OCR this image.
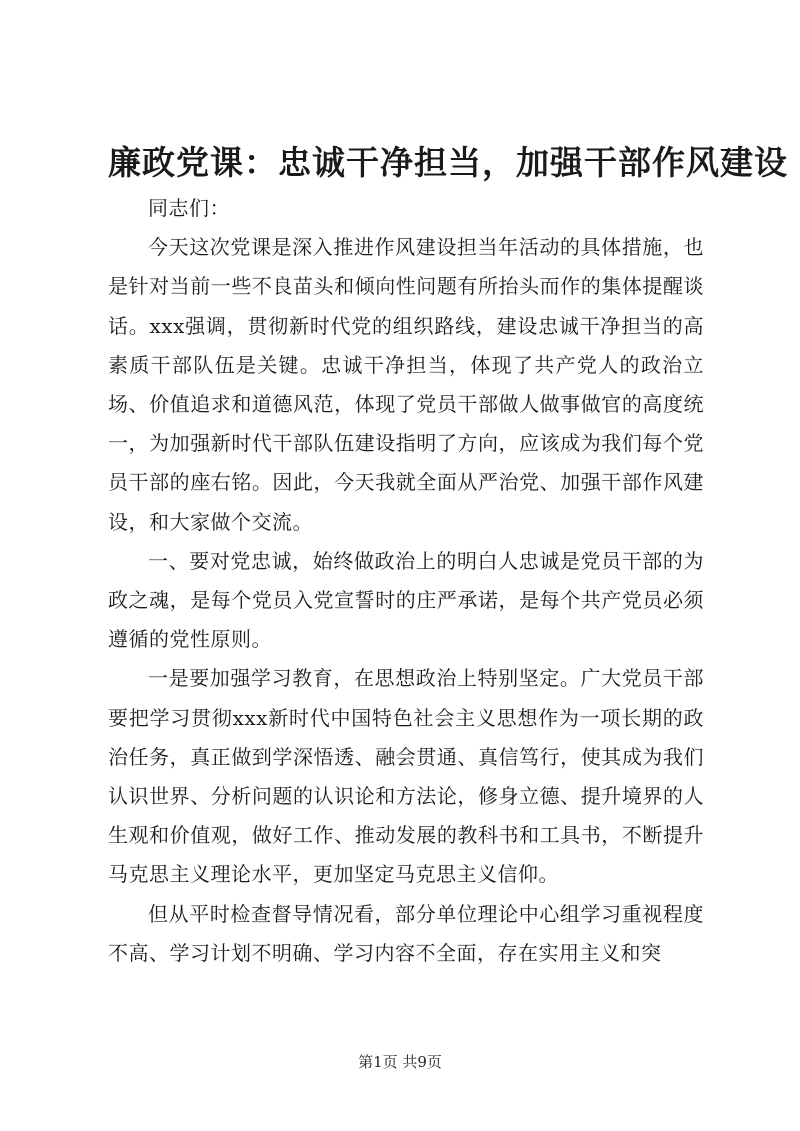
廉政党课：忠诚干净担当，加强干部作风建设

同志们：

今天这次党课是深入推进作风建设担当年活动的具体措施，也是针对当前一些不良苗头和倾向性问题有所抬头而作的集体提醒谈话。xxx强调，贯彻新时代党的组织路线，建设忠诚干净担当的高素质干部队伍是关键。忠诚干净担当，体现了共产党人的政治立场、价值追求和道德风范，体现了党员干部做人做事做官的高度统一，为加强新时代干部队伍建设指明了方向，应该成为我们每个党员干部的座右铭。因此，今天我就全面从严治党、加强干部作风建设，和大家做个交流。

一、要对党忠诚，始终做政治上的明白人忠诚是党员干部的为政之魂，是每个党员入党宣誓时的庄严承诺，是每个共产党员必须遵循的党性原则。

一是要加强学习教育，在思想政治上特别坚定。广大党员干部要把学习贯彻xxx新时代中国特色社会主义思想作为一项长期的政治任务，真正做到学深悟透、融会贯通、真信笃行，使其成为我们认识世界、分析问题的认识论和方法论，修身立德、提升境界的人生观和价值观，做好工作、推动发展的教科书和工具书，不断提升马克思主义理论水平，更加坚定马克思主义信仰。

但从平时检查督导情况看，部分单位理论中心组学习重视程度不高、学习计划不明确、学习内容不全面，存在实用主义和突

第1页 共9页
